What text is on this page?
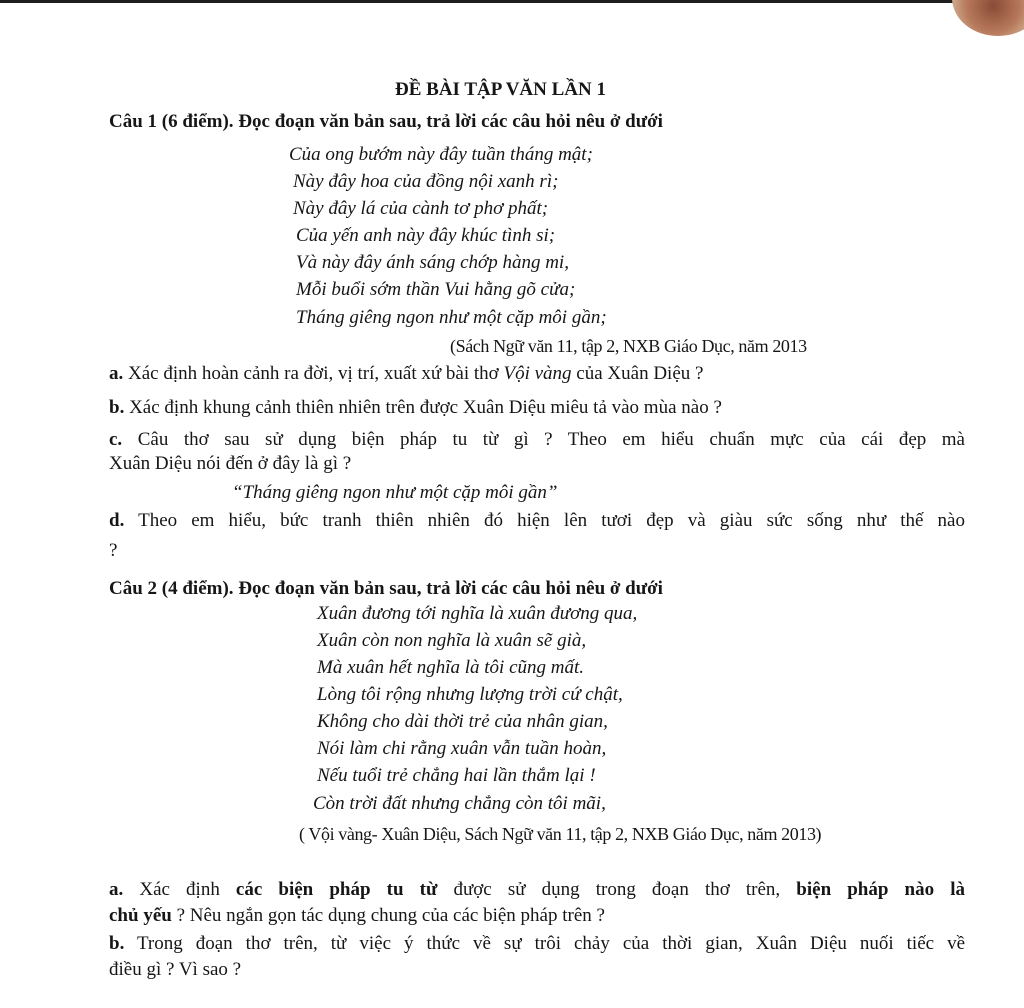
ĐỀ BÀI TẬP VĂN LẦN 1
Câu 1 (6 điểm). Đọc đoạn văn bản sau, trả lời các câu hỏi nêu ở dưới
Của ong bướm này đây tuần tháng mật;
Này đây hoa của đồng nội xanh rì;
Này đây lá của cành tơ phơ phất;
Của yến anh này đây khúc tình si;
Và này đây ánh sáng chớp hàng mi,
Mỗi buổi sớm thần Vui hằng gõ cửa;
Tháng giêng ngon như một cặp môi gần;
(Sách Ngữ văn 11, tập 2, NXB Giáo Dục, năm 2013
a. Xác định hoàn cảnh ra đời, vị trí, xuất xứ bài thơ Vội vàng của Xuân Diệu ?
b. Xác định khung cảnh thiên nhiên trên được Xuân Diệu miêu tả vào mùa nào ?
c. Câu thơ sau sử dụng biện pháp tu từ gì ? Theo em hiểu chuẩn mực của cái đẹp mà
Xuân Diệu nói đến ở đây là gì ?
“Tháng giêng ngon như một cặp môi gần”
d. Theo em hiểu, bức tranh thiên nhiên đó hiện lên tươi đẹp và giàu sức sống như thế nào
?
Câu 2 (4 điểm). Đọc đoạn văn bản sau, trả lời các câu hỏi nêu ở dưới
Xuân đương tới nghĩa là xuân đương qua,
Xuân còn non nghĩa là xuân sẽ già,
Mà xuân hết nghĩa là tôi cũng mất.
Lòng tôi rộng nhưng lượng trời cứ chật,
Không cho dài thời trẻ của nhân gian,
Nói làm chi rằng xuân vẫn tuần hoàn,
Nếu tuổi trẻ chẳng hai lần thắm lại !
Còn trời đất nhưng chẳng còn tôi mãi,
( Vội vàng- Xuân Diệu, Sách Ngữ văn 11, tập 2, NXB Giáo Dục, năm 2013)
a. Xác định các biện pháp tu từ được sử dụng trong đoạn thơ trên, biện pháp nào là
chủ yếu ? Nêu ngắn gọn tác dụng chung của các biện pháp trên ?
b. Trong đoạn thơ trên, từ việc ý thức về sự trôi chảy của thời gian, Xuân Diệu nuối tiếc về
điều gì ? Vì sao ?
